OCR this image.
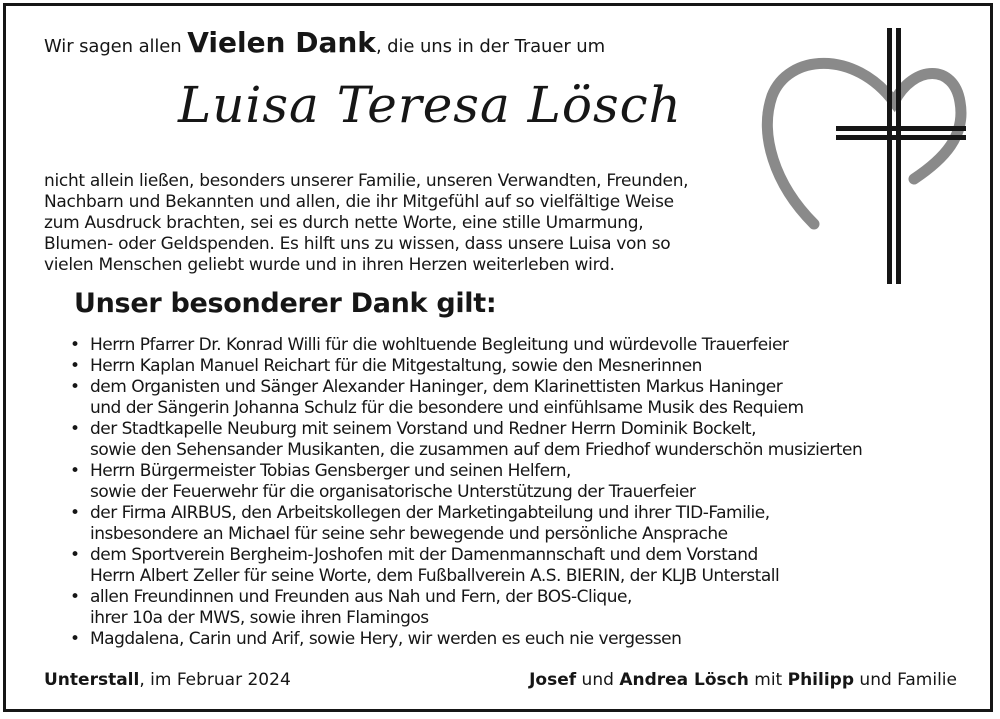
Wir sagen allen Vielen Dank, die uns in der Trauer um

Luisa Teresa Lösch

nicht allein ließen, besonders unserer Familie, unseren Verwandten, Freunden,
Nachbarn und Bekannten und allen, die ihr Mitgefühl auf so vielfältige Weise
zum Ausdruck brachten, sei es durch nette Worte, eine stille Umarmung,
Blumen- oder Geldspenden. Es hilft uns zu wissen, dass unsere Luisa von so
vielen Menschen geliebt wurde und in ihren Herzen weiterleben wird.

Unser besonderer Dank gilt:
• Herrn Pfarrer Dr. Konrad Willi für die wohltuende Begleitung und würdevolle Trauerfeier
• Herrn Kaplan Manuel Reichart für die Mitgestaltung, sowie den Mesnerinnen
• dem Organisten und Sänger Alexander Haninger, dem Klarinettisten Markus Haninger
und der Sängerin Johanna Schulz für die besondere und einfühlsame Musik des Requiem
• der Stadtkapelle Neuburg mit seinem Vorstand und Redner Herrn Dominik Bockelt,
sowie den Sehensander Musikanten, die zusammen auf dem Friedhof wunderschön musizierten
• Herrn Bürgermeister Tobias Gensberger und seinen Helfern,
sowie der Feuerwehr für die organisatorische Unterstützung der Trauerfeier
• der Firma AIRBUS, den Arbeitskollegen der Marketingabteilung und ihrer TID-Familie,
insbesondere an Michael für seine sehr bewegende und persönliche Ansprache
• dem Sportverein Bergheim-Joshofen mit der Damenmannschaft und dem Vorstand
Herrn Albert Zeller für seine Worte, dem Fußballverein A.S. BIERIN, der KLJB Unterstall
• allen Freundinnen und Freunden aus Nah und Fern, der BOS-Clique,
ihrer 10a der MWS, sowie ihren Flamingos
• Magdalena, Carin und Arif, sowie Hery, wir werden es euch nie vergessen

Unterstall, im Februar 2024	Josef und Andrea Lösch mit Philipp und Familie
